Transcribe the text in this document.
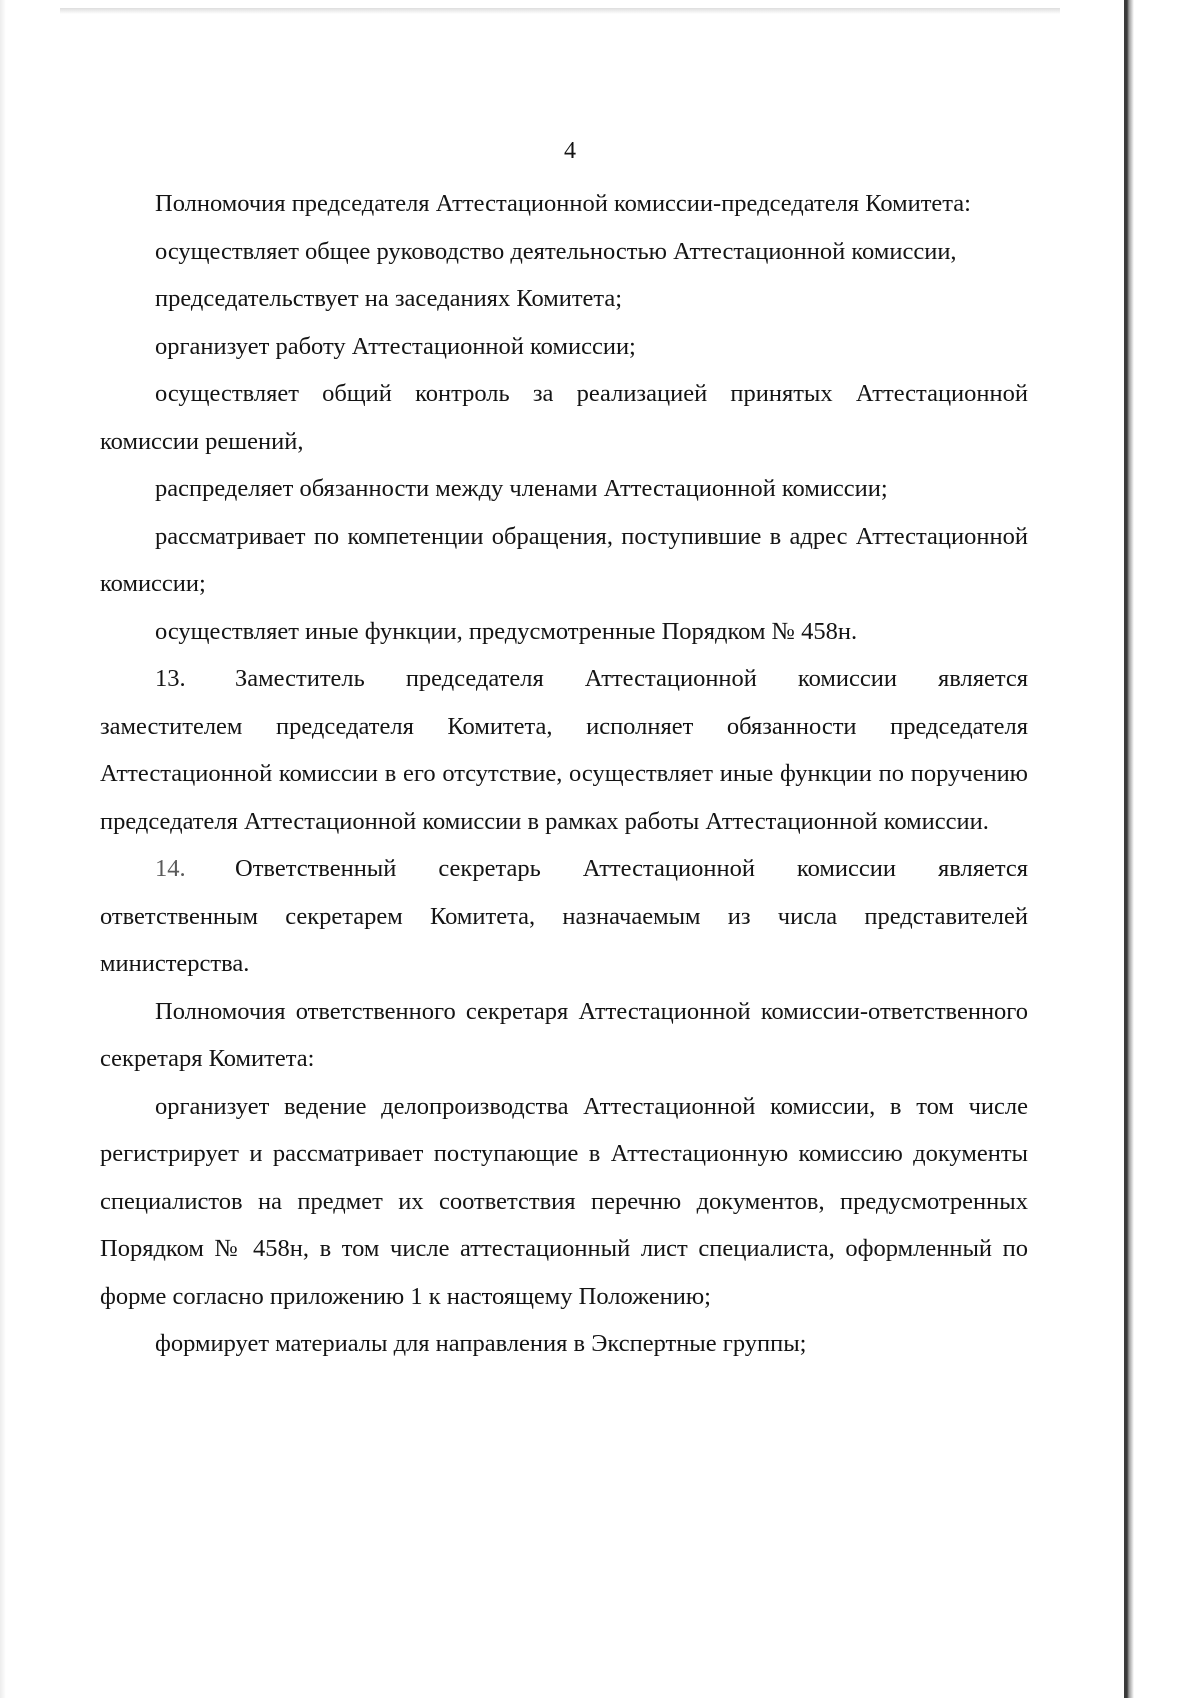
4

Полномочия председателя Аттестационной комиссии-председателя Комитета:

осуществляет общее руководство деятельностью Аттестационной комиссии,

председательствует на заседаниях Комитета;

организует работу Аттестационной комиссии;

осуществляет общий контроль за реализацией принятых Аттестационной комиссии решений,

распределяет обязанности между членами Аттестационной комиссии;

рассматривает по компетенции обращения, поступившие в адрес Аттестационной комиссии;

осуществляет иные функции, предусмотренные Порядком № 458н.

13. Заместитель председателя Аттестационной комиссии является заместителем председателя Комитета, исполняет обязанности председателя Аттестационной комиссии в его отсутствие, осуществляет иные функции по поручению председателя Аттестационной комиссии в рамках работы Аттестационной комиссии.

14. Ответственный секретарь Аттестационной комиссии является ответственным секретарем Комитета, назначаемым из числа представителей министерства.

Полномочия ответственного секретаря Аттестационной комиссии-ответственного секретаря Комитета:

организует ведение делопроизводства Аттестационной комиссии, в том числе регистрирует и рассматривает поступающие в Аттестационную комиссию документы специалистов на предмет их соответствия перечню документов, предусмотренных Порядком № 458н, в том числе аттестационный лист специалиста, оформленный по форме согласно приложению 1 к настоящему Положению;

формирует материалы для направления в Экспертные группы;
